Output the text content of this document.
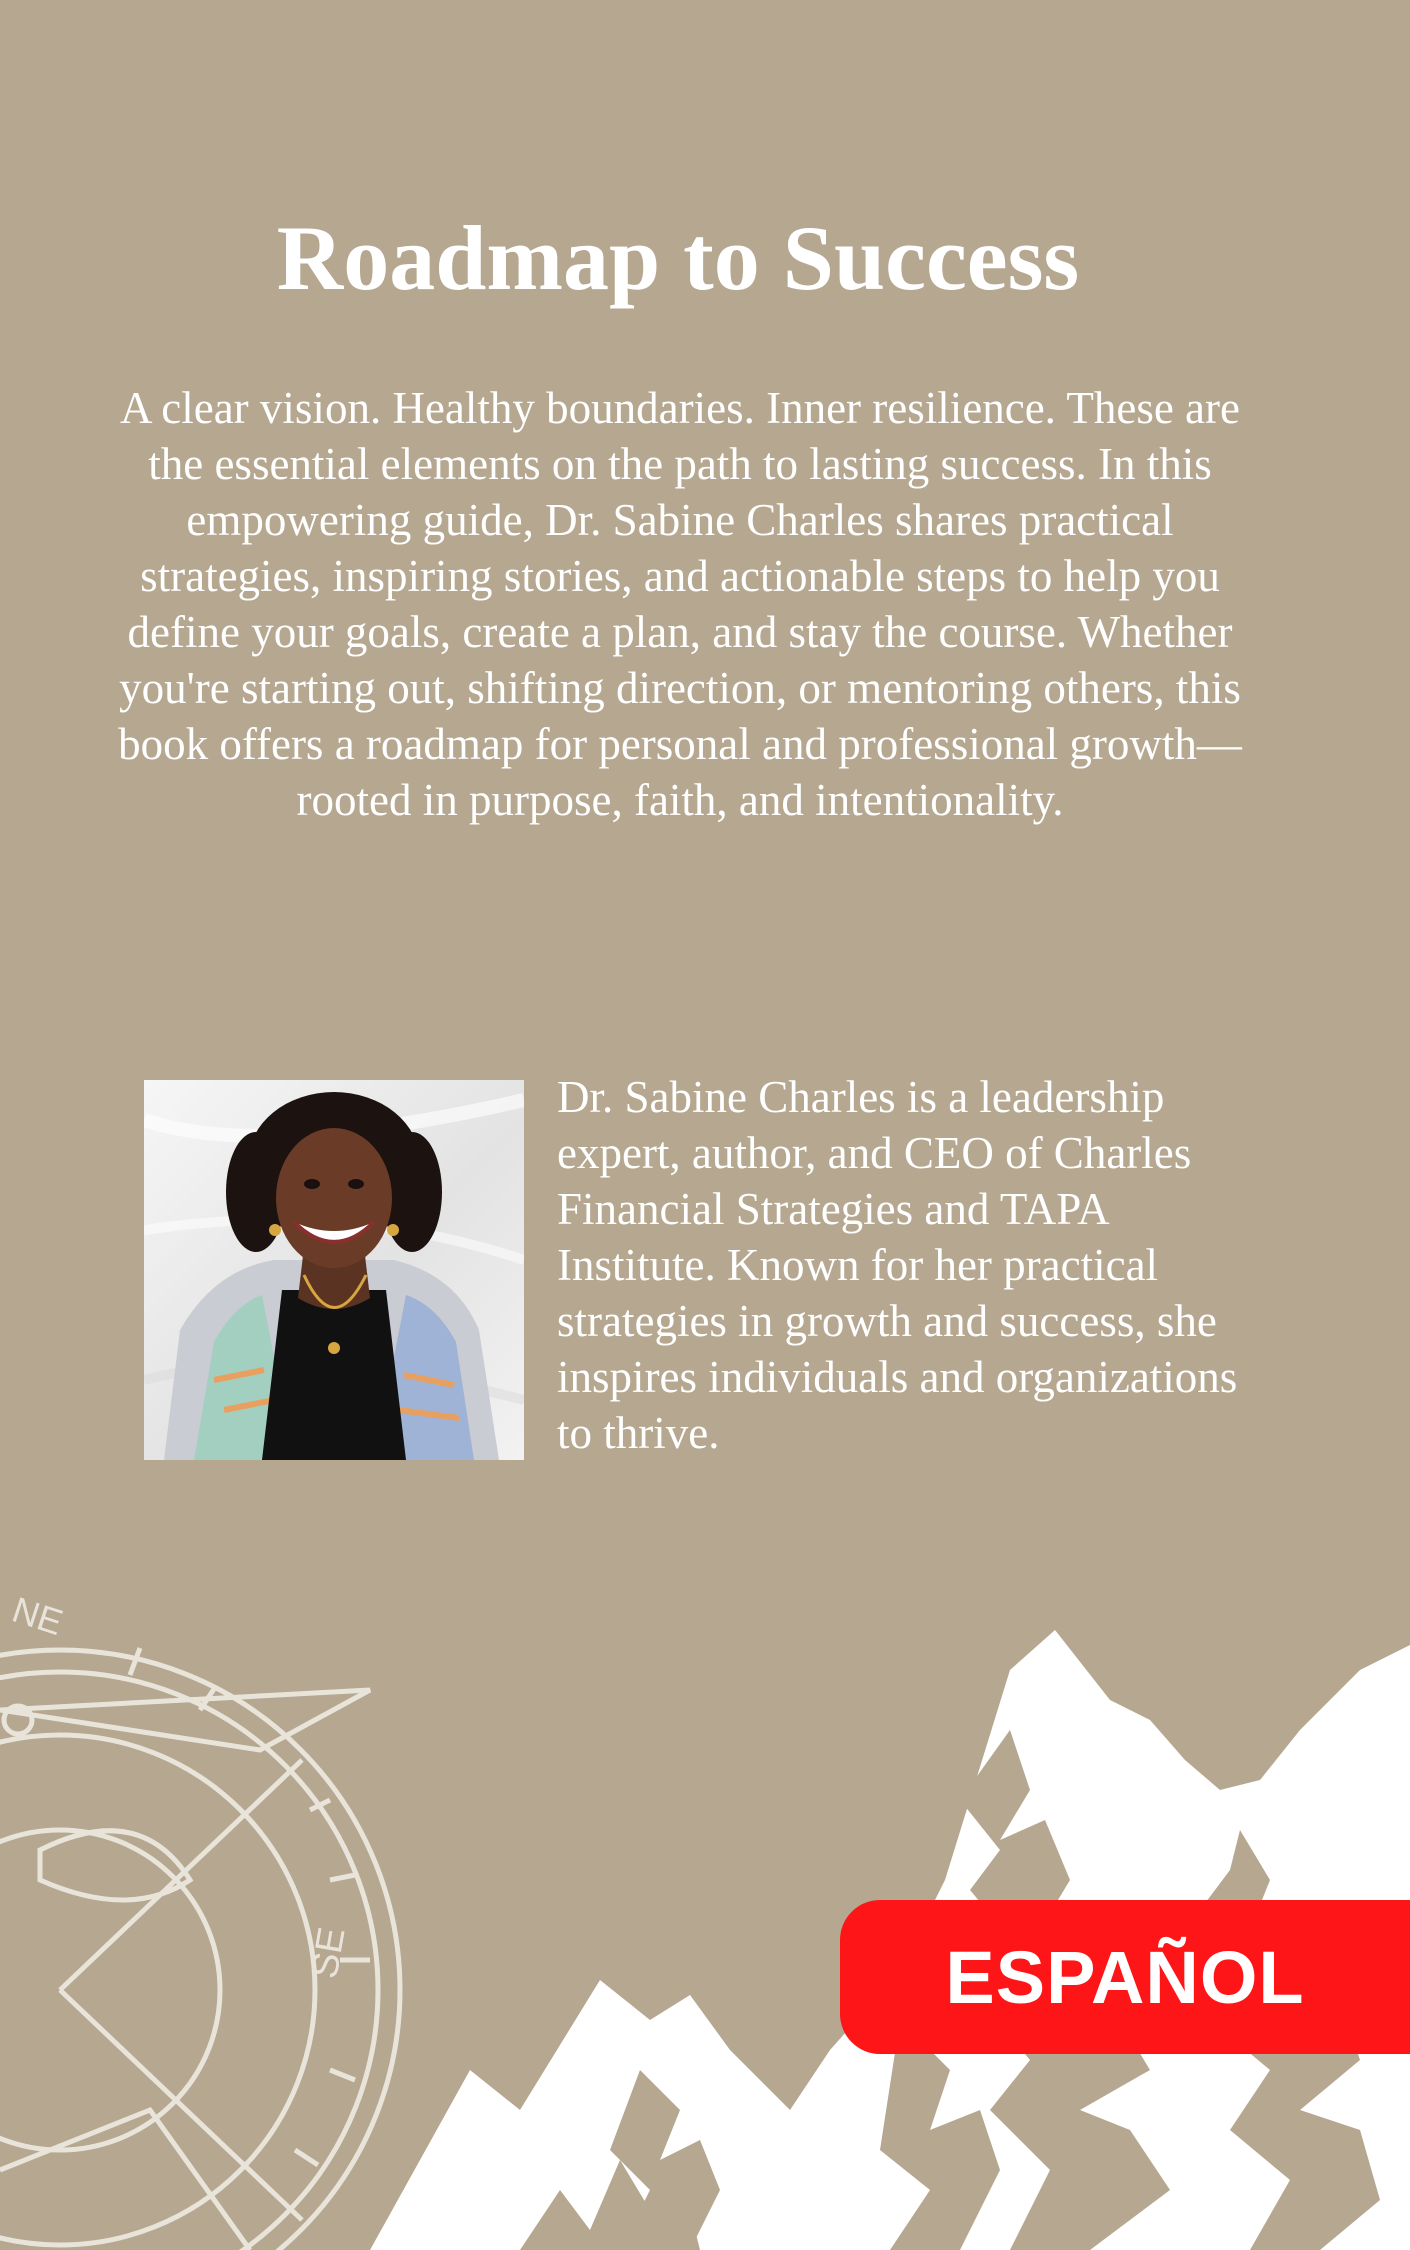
Roadmap to Success

A clear vision. Healthy boundaries. Inner resilience. These are the essential elements on the path to lasting success. In this empowering guide, Dr. Sabine Charles shares practical strategies, inspiring stories, and actionable steps to help you define your goals, create a plan, and stay the course. Whether you're starting out, shifting direction, or mentoring others, this book offers a roadmap for personal and professional growth—rooted in purpose, faith, and intentionality.

Dr. Sabine Charles is a leadership expert, author, and CEO of Charles Financial Strategies and TAPA Institute. Known for her practical strategies in growth and success, she inspires individuals and organizations to thrive.

NE
SE	ESPAÑOL
